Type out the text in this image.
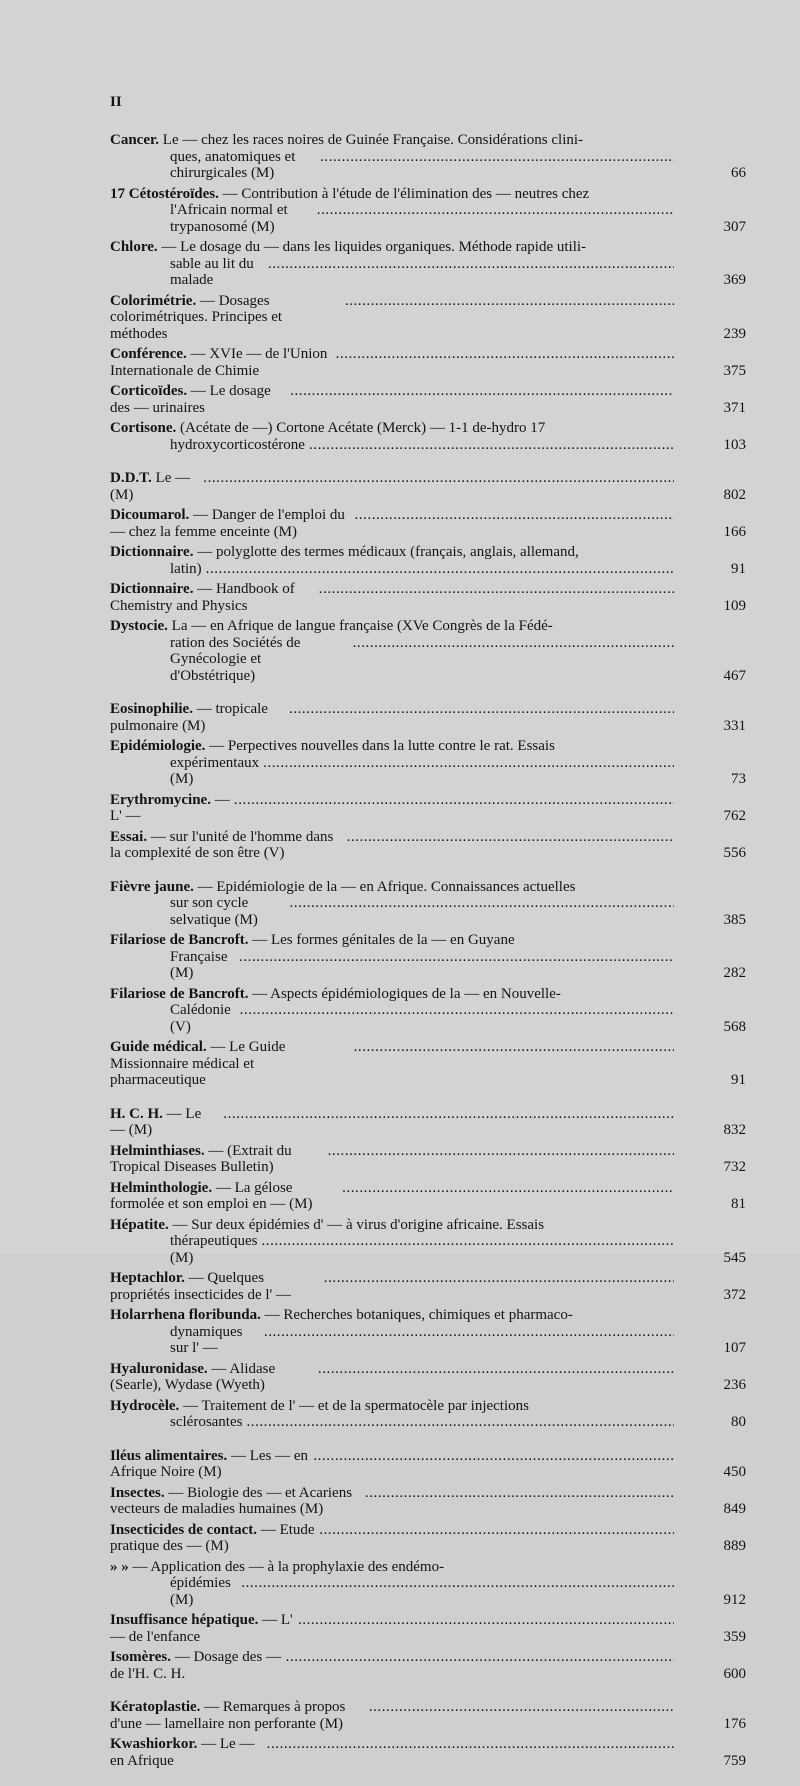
II
Cancer. Le — chez les races noires de Guinée Française. Considérations clini-
ques, anatomiques et chirurgicales (M) . . .	66
17 Cétostéroïdes. — Contribution à l'étude de l'élimination des — neutres chez
l'Africain normal et trypanosomé (M) . . .	307
Chlore. — Le dosage du — dans les liquides organiques. Méthode rapide utili-
sable au lit du malade . . .	369
Colorimétrie. — Dosages colorimétriques. Principes et méthodes . . .	239
Conférence. — XVIe — de l'Union Internationale de Chimie . . .	375
Corticoïdes. — Le dosage des — urinaires . . .	371
Cortisone. (Acétate de —) Cortone Acétate (Merck) — 1-1 de-hydro 17
hydroxycorticostérone . . .	103
D.D.T. Le — (M) . . .	802
Dicoumarol. — Danger de l'emploi du — chez la femme enceinte (M) . . .	166
Dictionnaire. — polyglotte des termes médicaux (français, anglais, allemand,
latin) . . .	91
Dictionnaire. — Handbook of Chemistry and Physics . . .	109
Dystocie. La — en Afrique de langue française (XVe Congrès de la Fédé-
ration des Sociétés de Gynécologie et d'Obstétrique) . . .	467
Eosinophilie. — tropicale pulmonaire (M) . . .	331
Epidémiologie. — Perpectives nouvelles dans la lutte contre le rat. Essais
expérimentaux (M) . . .	73
Erythromycine. — L' — . . .	762
Essai. — sur l'unité de l'homme dans la complexité de son être (V) . . .	556
Fièvre jaune. — Epidémiologie de la — en Afrique. Connaissances actuelles
sur son cycle selvatique (M) . . .	385
Filariose de Bancroft. — Les formes génitales de la — en Guyane
Française (M) . . .	282
Filariose de Bancroft. — Aspects épidémiologiques de la — en Nouvelle-
Calédonie (V) . . .	568
Guide médical. — Le Guide Missionnaire médical et pharmaceutique . . .	91
H. C. H. — Le — (M) . . .	832
Helminthiases. — (Extrait du Tropical Diseases Bulletin) . . .	732
Helminthologie. — La gélose formolée et son emploi en — (M) . . .	81
Hépatite. — Sur deux épidémies d' — à virus d'origine africaine. Essais
thérapeutiques (M) . . .	545
Heptachlor. — Quelques propriétés insecticides de l' — . . .	372
Holarrhena floribunda. — Recherches botaniques, chimiques et pharmaco-
dynamiques sur l' — . . .	107
Hyaluronidase. — Alidase (Searle), Wydase (Wyeth) . . .	236
Hydrocèle. — Traitement de l' — et de la spermatocèle par injections
sclérosantes . . .	80
Iléus alimentaires. — Les — en Afrique Noire (M) . . .	450
Insectes. — Biologie des — et Acariens vecteurs de maladies humaines (M) . . .	849
Insecticides de contact. — Etude pratique des — (M) . . .	889
» » — Application des — à la prophylaxie des endémo-
épidémies (M) . . .	912
Insuffisance hépatique. — L' — de l'enfance . . .	359
Isomères. — Dosage des — de l'H. C. H. . . .	600
Kératoplastie. — Remarques à propos d'une — lamellaire non perforante (M) . . .	176
Kwashiorkor. — Le — en Afrique . . .	759
